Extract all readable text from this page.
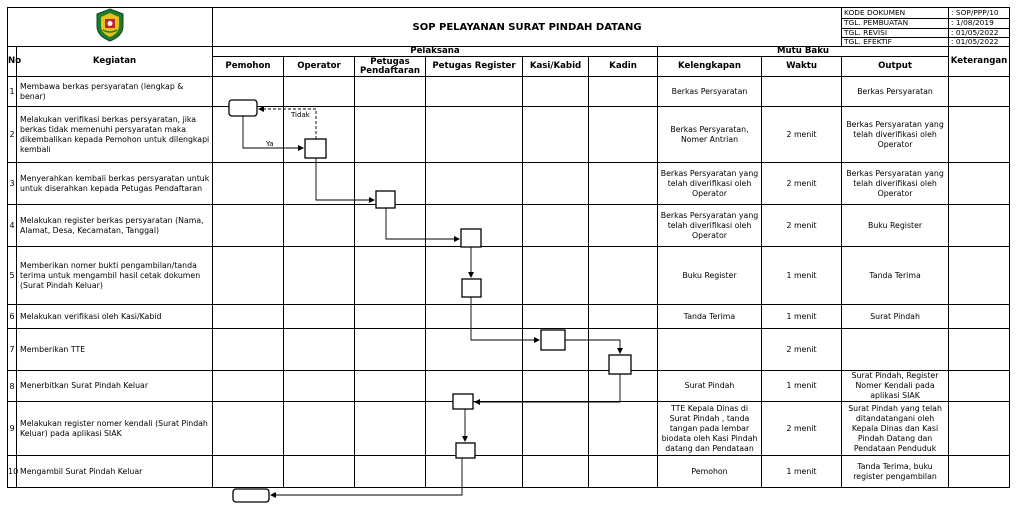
	SOP PELAYANAN SURAT PINDAH DATANG								KODE DOKUMEN	: SOP/PPP/10
										TGL. PEMBUATAN	: 1/08/2019
										TGL. REVISI	: 01/05/2022
										TGL. EFEKTIF	: 01/05/2022
No	Kegiatan	Pelaksana						Mutu Baku			Keterangan
		Pemohon	Operator	Petugas Pendaftaran	Petugas Register	Kasi/Kabid	Kadin	Kelengkapan	Waktu	Output	
1	Membawa berkas persyaratan (lengkap & benar)							Berkas Persyaratan		Berkas Persyaratan	
2	Melakukan verifikasi berkas persyaratan, jika berkas tidak memenuhi persyaratan maka dikembalikan kepada Pemohon untuk dilengkapi kembali							Berkas Persyaratan, Nomer Antrian	2 menit	Berkas Persyaratan yang telah diverifikasi oleh Operator	
3	Menyerahkan kembali berkas persyaratan untuk untuk diserahkan kepada Petugas Pendaftaran							Berkas Persyaratan yang telah diverifikasi oleh Operator	2 menit	Berkas Persyaratan yang telah diverifikasi oleh Operator	
4	Melakukan register berkas persyaratan (Nama, Alamat, Desa, Kecamatan, Tanggal)							Berkas Persyaratan yang telah diverifikasi oleh Operator	2 menit	Buku Register	
5	Memberikan nomer bukti pengambilan/tanda terima untuk mengambil hasil cetak dokumen (Surat Pindah Keluar)							Buku Register	1 menit	Tanda Terima	
6	Melakukan verifikasi oleh Kasi/Kabid							Tanda Terima	1 menit	Surat Pindah	
7	Memberikan TTE								2 menit		
8	Menerbitkan Surat Pindah Keluar							Surat Pindah	1 menit	Surat Pindah, Register Nomer Kendali pada aplikasi SIAK	
9	Melakukan register nomer kendali (Surat Pindah Keluar) pada aplikasi SIAK							TTE Kepala Dinas di Surat Pindah , tanda tangan pada lembar biodata oleh Kasi Pindah datang dan Pendataan	2 menit	Surat Pindah yang telah ditandatangani oleh Kepala Dinas dan Kasi Pindah Datang dan Pendataan Penduduk	
10	Mengambil Surat Pindah Keluar							Pemohon	1 menit	Tanda Terima, buku register pengambilan	
Tidak
Ya
